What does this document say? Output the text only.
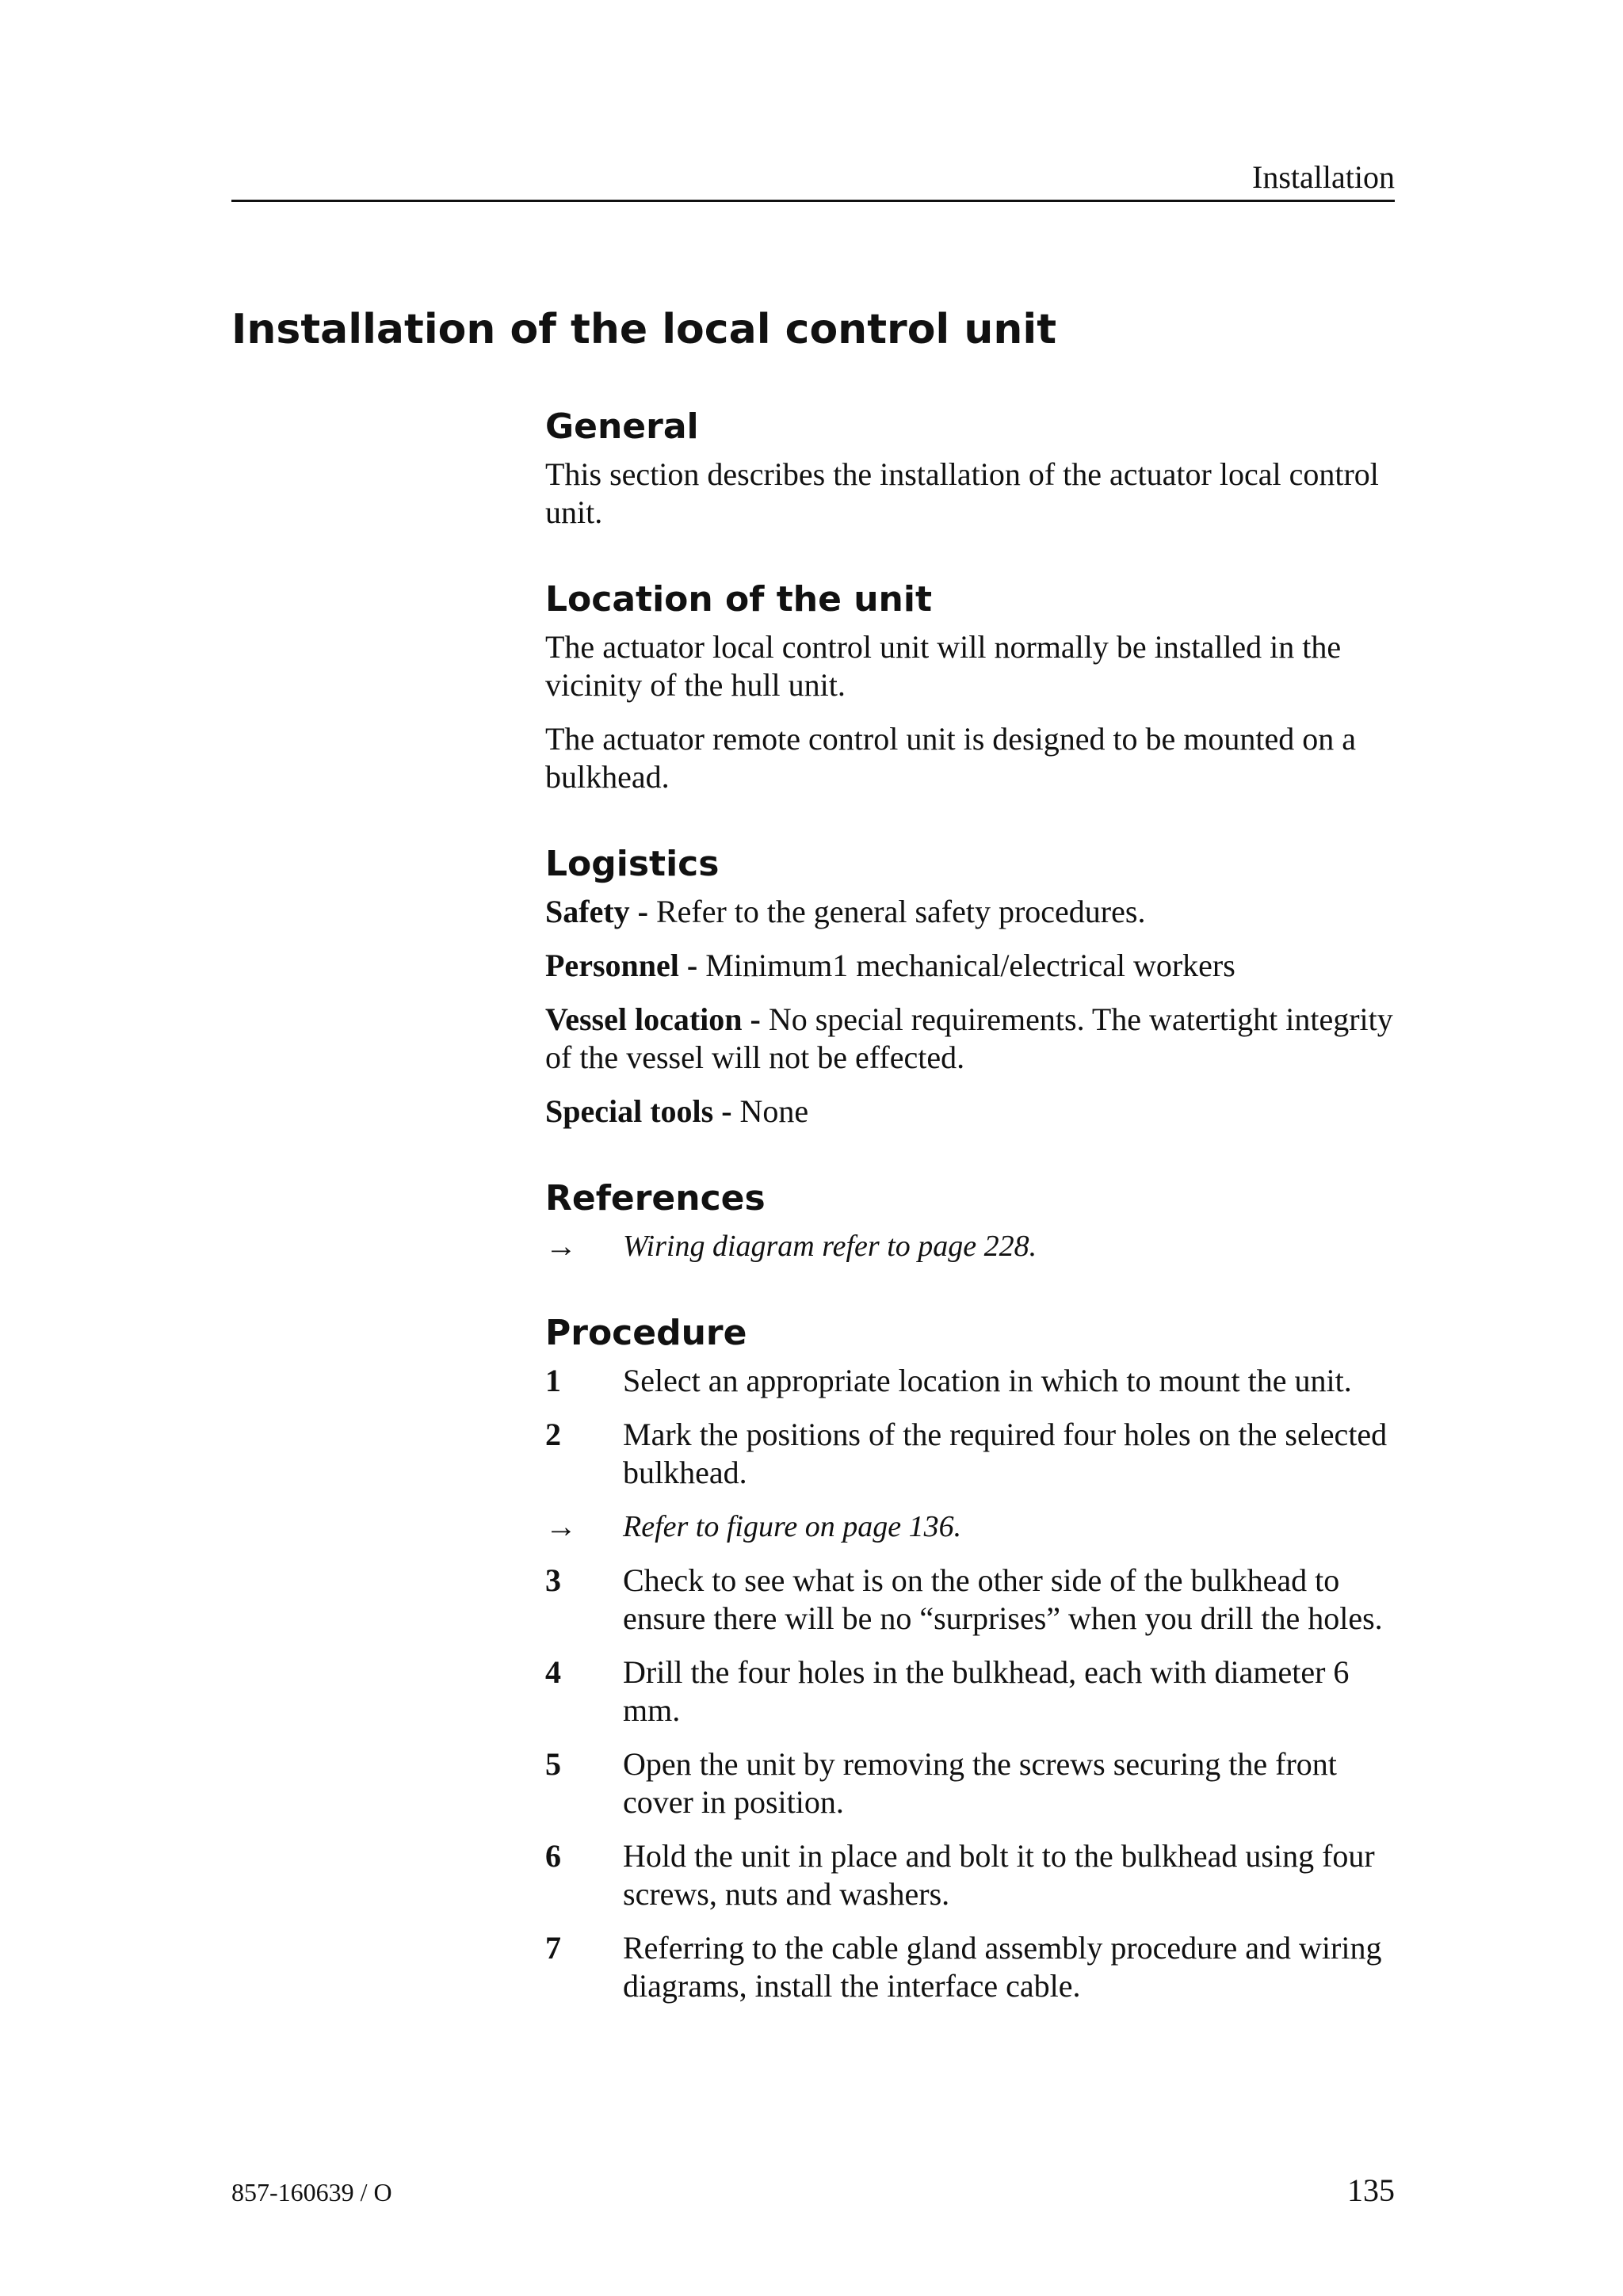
Installation
Installation of the local control unit
General

This section describes the installation of the actuator local control unit.

Location of the unit

The actuator local control unit will normally be installed in the vicinity of the hull unit.

The actuator remote control unit is designed to be mounted on a bulkhead.

Logistics

Safety - Refer to the general safety procedures.

Personnel - Minimum1 mechanical/electrical workers

Vessel location - No special requirements. The watertight integrity of the vessel will not be effected.

Special tools - None

References
→	Wiring diagram refer to page 228.
Procedure
1	Select an appropriate location in which to mount the unit.
2	Mark the positions of the required four holes on the selected bulkhead.
→	Refer to figure on page 136.
3	Check to see what is on the other side of the bulkhead to ensure there will be no “surprises” when you drill the holes.
4	Drill the four holes in the bulkhead, each with diameter 6 mm.
5	Open the unit by removing the screws securing the front cover in position.
6	Hold the unit in place and bolt it to the bulkhead using four screws, nuts and washers.
7	Referring to the cable gland assembly procedure and wiring diagrams, install the interface cable.
857-160639 / O	135
